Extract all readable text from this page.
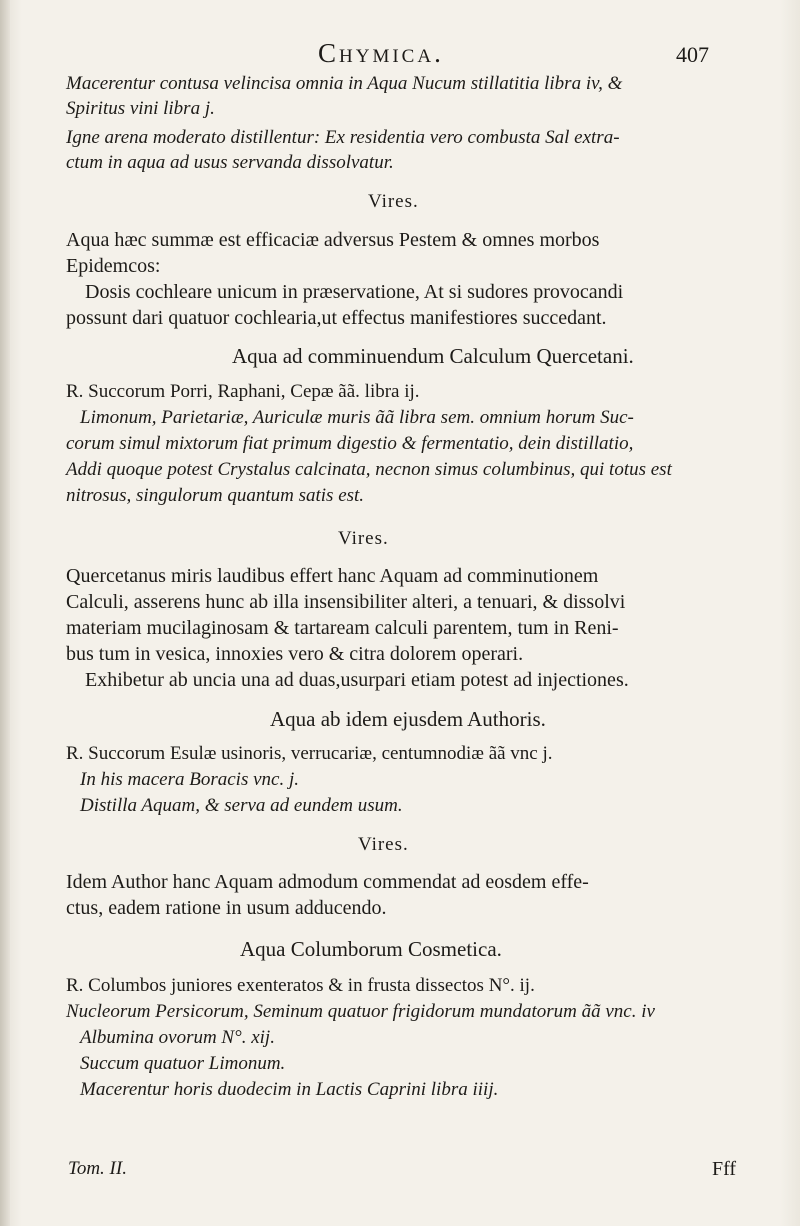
Chymica.	407
Macerentur contusa velincisa omnia in Aqua Nucum stillatitia libra iv, &
Spiritus vini libra j.
Igne arena moderato distillentur: Ex residentia vero combusta Sal extra-
ctum in aqua ad usus servanda dissolvatur.
Vires.
Aqua hæc summæ est efficaciæ adversus Pestem & omnes morbos
Epidemcos:
Dosis cochleare unicum in præservatione, At si sudores provocandi
possunt dari quatuor cochlearia,ut effectus manifestiores succedant.
Aqua ad comminuendum Calculum Quercetani.
R. Succorum Porri, Raphani, Cepæ ãã. libra ij.
Limonum, Parietariæ, Auriculæ muris ãã libra sem. omnium horum Suc-
corum simul mixtorum fiat primum digestio & fermentatio, dein distillatio,
Addi quoque potest Crystalus calcinata, necnon simus columbinus, qui totus est
nitrosus, singulorum quantum satis est.
Vires.
Quercetanus miris laudibus effert hanc Aquam ad comminutionem
Calculi, asserens hunc ab illa insensibiliter alteri, a tenuari, & dissolvi
materiam mucilaginosam & tartaream calculi parentem, tum in Reni-
bus tum in vesica, innoxies vero & citra dolorem operari.
Exhibetur ab uncia una ad duas,usurpari etiam potest ad injectiones.
Aqua ab idem ejusdem Authoris.
R. Succorum Esulæ usinoris, verrucariæ, centumnodiæ ãã vnc j.
In his macera Boracis vnc. j.
Distilla Aquam, & serva ad eundem usum.
Vires.
Idem Author hanc Aquam admodum commendat ad eosdem effe-
ctus, eadem ratione in usum adducendo.
Aqua Columborum Cosmetica.
R. Columbos juniores exenteratos & in frusta dissectos N°. ij.
Nucleorum Persicorum, Seminum quatuor frigidorum mundatorum ãã vnc. iv
Albumina ovorum N°. xij.
Succum quatuor Limonum.
Macerentur horis duodecim in Lactis Caprini libra iiij.
Tom. II.	Fff
